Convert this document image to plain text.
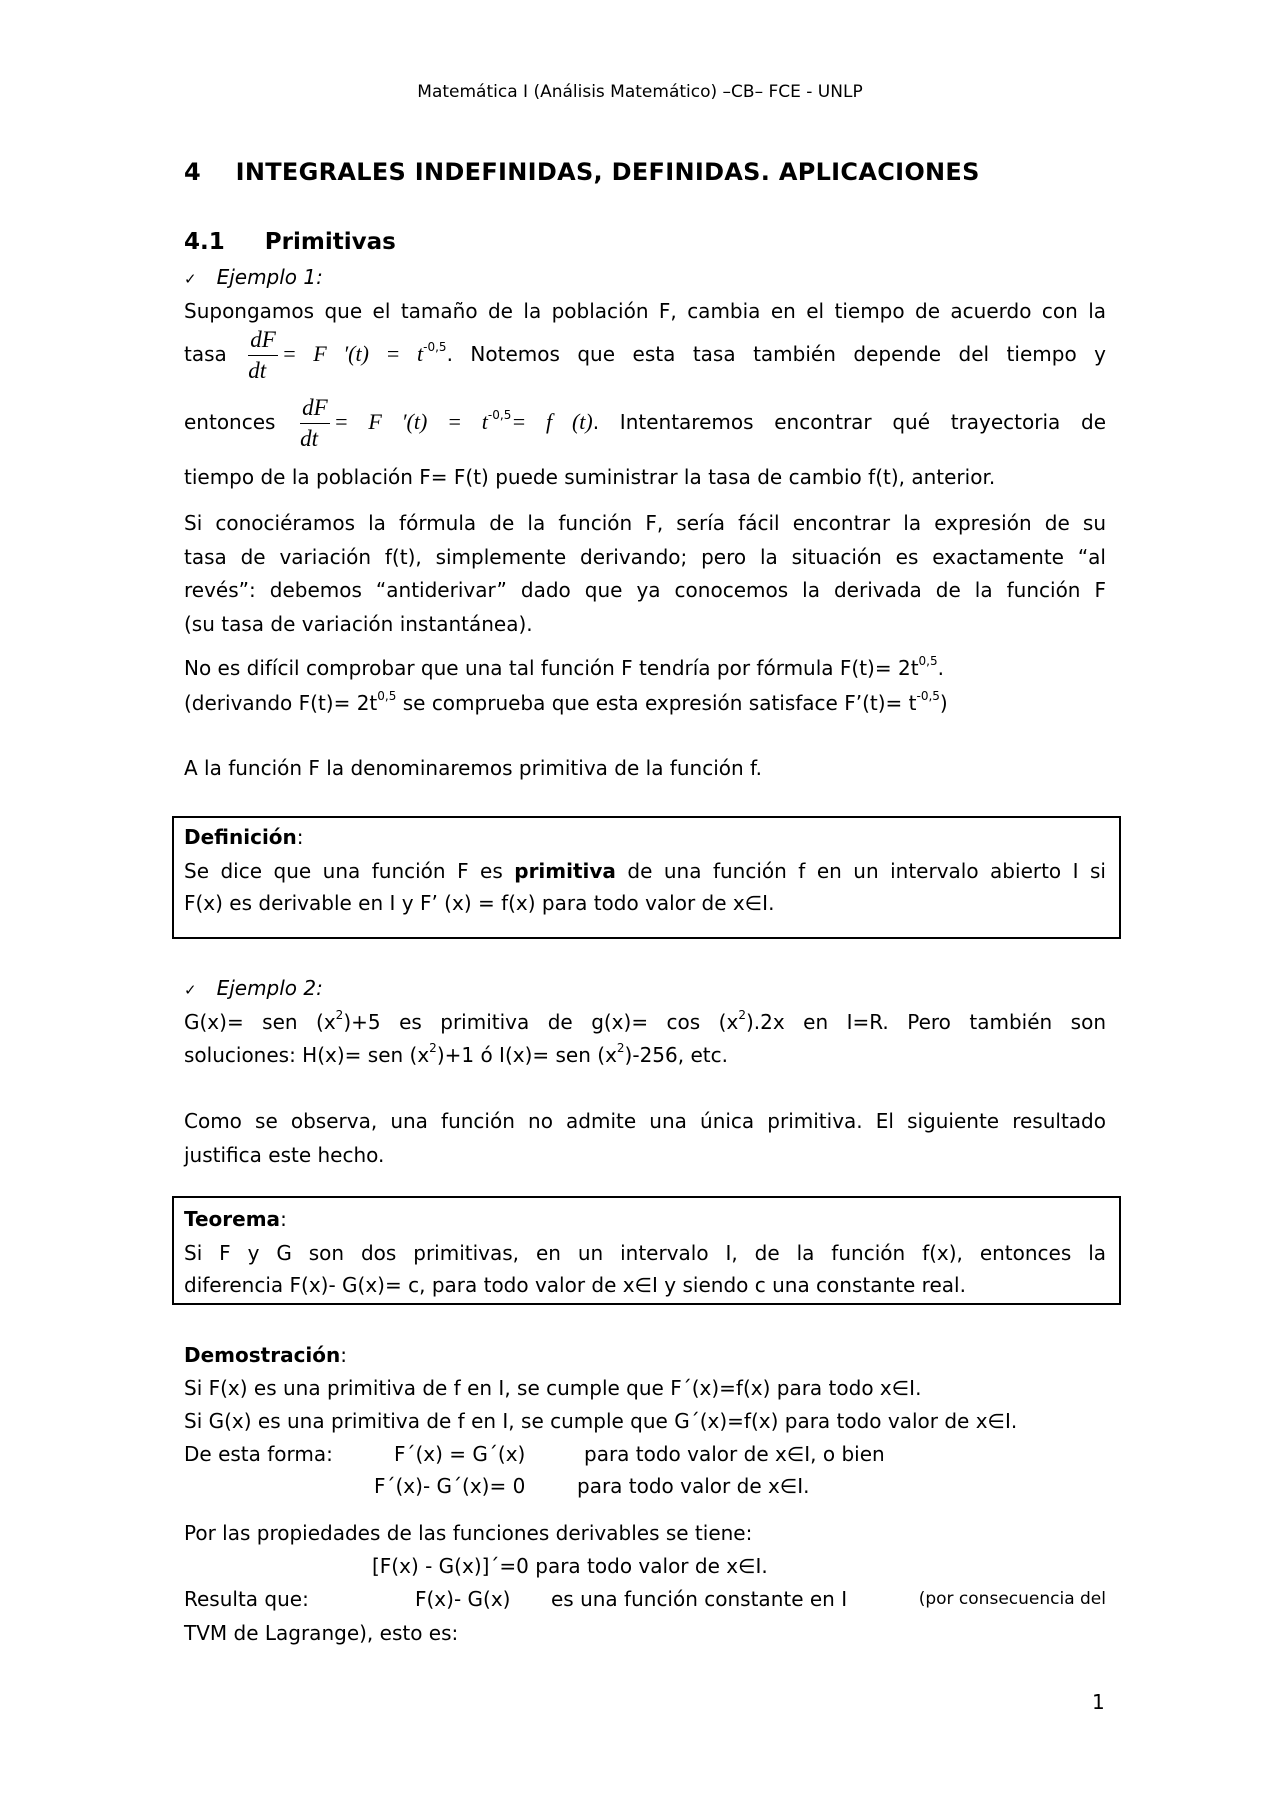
Matemática I (Análisis Matemático) –CB– FCE - UNLP
4    INTEGRALES INDEFINIDAS, DEFINIDAS. APLICACIONES
4.1     Primitivas
✓ Ejemplo 1:
Supongamos que el tamaño de la población F, cambia en el tiempo de acuerdo con la
tasa $\frac{dF}{dt} = F$ $'(t) = t^{-0,5}$. Notemos que esta tasa también depende del tiempo y
entonces $\frac{dF}{dt} = F$ $'(t) = t^{-0,5}= f$ (t). Intentaremos encontrar qué trayectoria de
tiempo de la población F= F(t) puede suministrar la tasa de cambio f(t), anterior.
Si conociéramos la fórmula de la función F, sería fácil encontrar la expresión de su
tasa de variación f(t), simplemente derivando; pero la situación es exactamente “al
revés”: debemos “antiderivar” dado que ya conocemos la derivada de la función F
(su tasa de variación instantánea).
No es difícil comprobar que una tal función F tendría por fórmula $F(t)= 2t^{0,5}$.
(derivando $F(t)= 2t^{0,5}$ se comprueba que esta expresión satisface F’(t)= $t^{-0,5}$)
A la función F la denominaremos primitiva de la función f.
Definición:
Se dice que una función F es primitiva de una función f en un intervalo abierto I si
F(x) es derivable en I y F’ (x) = f(x) para todo valor de x∈I.
✓ Ejemplo 2:
G(x)= sen $(x^2)+5$ es primitiva de $g(x)= \cos (x^2).2x$ en I=R. Pero también son
soluciones: H(x)= sen $(x^2)+1$ ó I(x)= sen $(x^2)-256$, etc.
Como se observa, una función no admite una única primitiva. El siguiente resultado
justifica este hecho.
Teorema:
Si F y G son dos primitivas, en un intervalo I, de la función f(x), entonces la
diferencia F(x)- G(x)= c, para todo valor de x∈I y siendo c una constante real.
Demostración:
Si F(x) es una primitiva de f en I, se cumple que F´(x)=f(x) para todo x∈I.
Si G(x) es una primitiva de f en I, se cumple que G´(x)=f(x) para todo valor de x∈I.
De esta forma:	F´(x) = G´(x)	para todo valor de x∈I, o bien
F´(x)- G´(x)= 0	para todo valor de x∈I.
Por las propiedades de las funciones derivables se tiene:
[F(x) - G(x)]´=0 para todo valor de x∈I.
Resulta que:	F(x)- G(x) es una función constante en I	(por consecuencia del
TVM de Lagrange), esto es:
1
